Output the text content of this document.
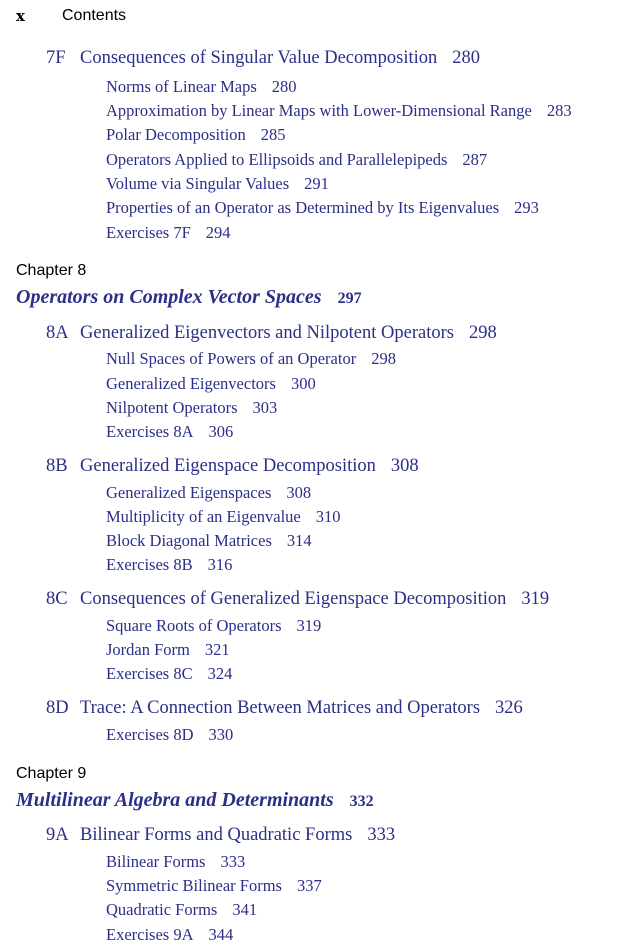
x Contents
7F Consequences of Singular Value Decomposition 280
Norms of Linear Maps 280
Approximation by Linear Maps with Lower-Dimensional Range 283
Polar Decomposition 285
Operators Applied to Ellipsoids and Parallelepipeds 287
Volume via Singular Values 291
Properties of an Operator as Determined by Its Eigenvalues 293
Exercises 7F 294
Chapter 8
Operators on Complex Vector Spaces 297
8A Generalized Eigenvectors and Nilpotent Operators 298
Null Spaces of Powers of an Operator 298
Generalized Eigenvectors 300
Nilpotent Operators 303
Exercises 8A 306
8B Generalized Eigenspace Decomposition 308
Generalized Eigenspaces 308
Multiplicity of an Eigenvalue 310
Block Diagonal Matrices 314
Exercises 8B 316
8C Consequences of Generalized Eigenspace Decomposition 319
Square Roots of Operators 319
Jordan Form 321
Exercises 8C 324
8D Trace: A Connection Between Matrices and Operators 326
Exercises 8D 330
Chapter 9
Multilinear Algebra and Determinants 332
9A Bilinear Forms and Quadratic Forms 333
Bilinear Forms 333
Symmetric Bilinear Forms 337
Quadratic Forms 341
Exercises 9A 344
